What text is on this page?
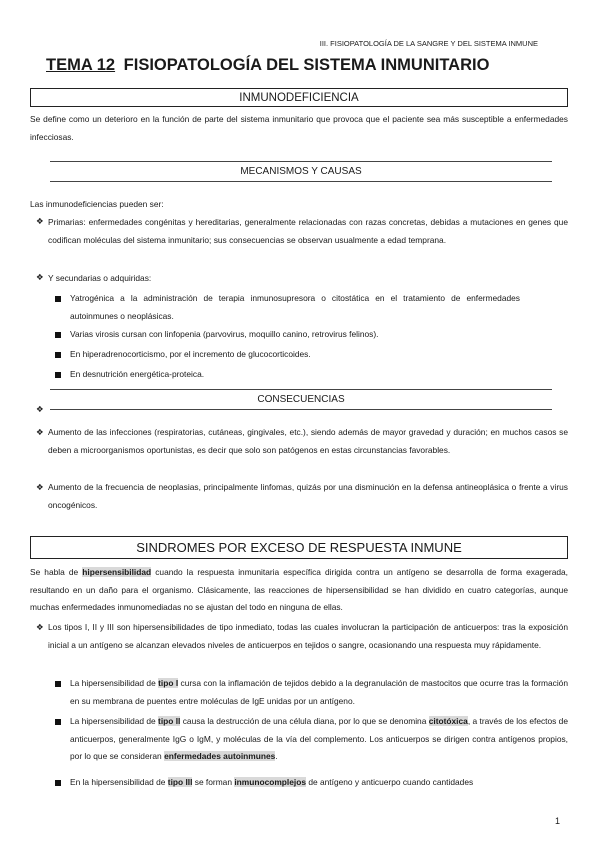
III. FISIOPATOLOGÍA DE LA SANGRE Y DEL SISTEMA INMUNE
TEMA 12 FISIOPATOLOGÍA DEL SISTEMA INMUNITARIO
INMUNODEFICIENCIA
Se define como un deterioro en la función de parte del sistema inmunitario que provoca que el paciente sea más susceptible a enfermedades infecciosas.
MECANISMOS Y CAUSAS
Las inmunodeficiencias pueden ser:
❖ Primarias: enfermedades congénitas y hereditarias, generalmente relacionadas con razas concretas, debidas a mutaciones en genes que codifican moléculas del sistema inmunitario; sus consecuencias se observan usualmente a edad temprana.
❖ Y secundarias o adquiridas:
Yatrogénica a la administración de terapia inmunosupresora o citostática en el tratamiento de enfermedades autoinmunes o neoplásicas.
Varias virosis cursan con linfopenia (parvovirus, moquillo canino, retrovirus felinos).
En hiperadrenocorticismo, por el incremento de glucocorticoides.
En desnutrición energética-proteica.
CONSECUENCIAS
❖
❖ Aumento de las infecciones (respiratorias, cutáneas, gingivales, etc.), siendo además de mayor gravedad y duración; en muchos casos se deben a microorganismos oportunistas, es decir que solo son patógenos en estas circunstancias favorables.
❖ Aumento de la frecuencia de neoplasias, principalmente linfomas, quizás por una disminución en la defensa antineoplásica o frente a virus oncogénicos.
SINDROMES POR EXCESO DE RESPUESTA INMUNE
Se habla de hipersensibilidad cuando la respuesta inmunitaria específica dirigida contra un antígeno se desarrolla de forma exagerada, resultando en un daño para el organismo. Clásicamente, las reacciones de hipersensibilidad se han dividido en cuatro categorías, aunque muchas enfermedades inmunomediadas no se ajustan del todo en ninguna de ellas.
❖ Los tipos I, II y III son hipersensibilidades de tipo inmediato, todas las cuales involucran la participación de anticuerpos: tras la exposición inicial a un antígeno se alcanzan elevados niveles de anticuerpos en tejidos o sangre, ocasionando una respuesta muy rápidamente.
La hipersensibilidad de tipo I cursa con la inflamación de tejidos debido a la degranulación de mastocitos que ocurre tras la formación en su membrana de puentes entre moléculas de IgE unidas por un antígeno.
La hipersensibilidad de tipo II causa la destrucción de una célula diana, por lo que se denomina citotóxica, a través de los efectos de anticuerpos, generalmente IgG o IgM, y moléculas de la vía del complemento. Los anticuerpos se dirigen contra antígenos propios, por lo que se consideran enfermedades autoinmunes.
En la hipersensibilidad de tipo III se forman inmunocomplejos de antígeno y anticuerpo cuando cantidades
1
